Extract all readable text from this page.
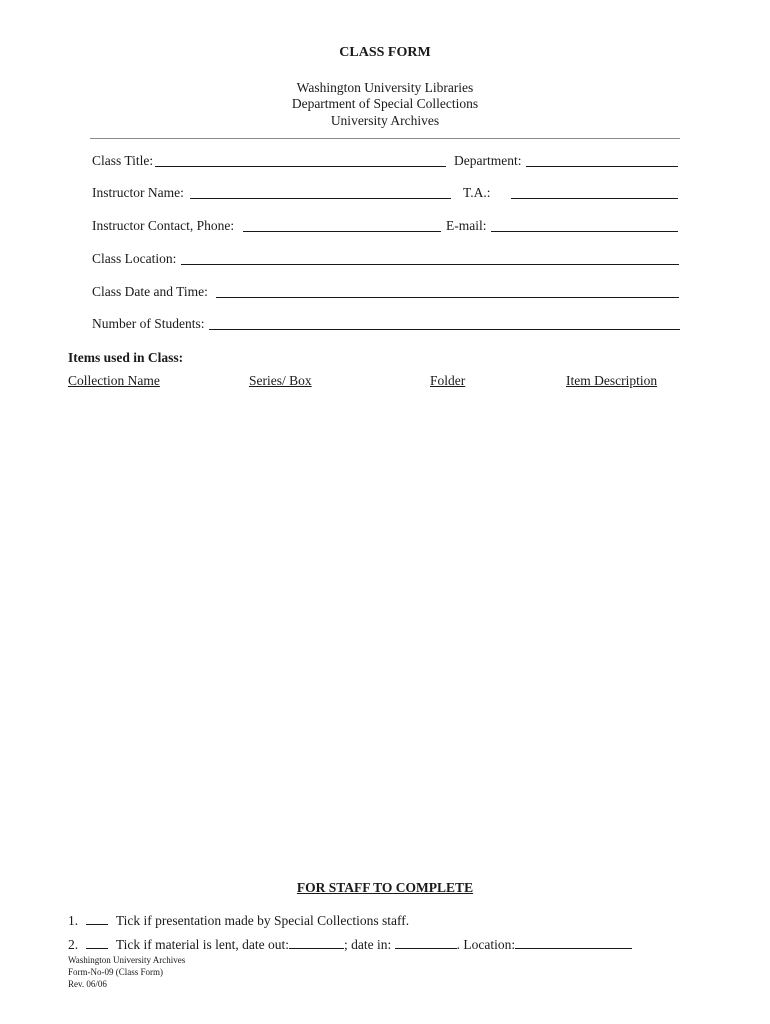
CLASS FORM
Washington University Libraries
Department of Special Collections
University Archives
Class Title:	Department:
Instructor Name:	T.A.:
Instructor Contact, Phone:	E-mail:
Class Location:
Class Date and Time:
Number of Students:
Items used in Class:
Collection Name	Series/ Box	Folder	Item Description
FOR STAFF TO COMPLETE
1.	Tick if presentation made by Special Collections staff.
2.	Tick if material is lent, date out:	; date in:	. Location:
Washington University Archives
Form-No-09 (Class Form)
Rev. 06/06
